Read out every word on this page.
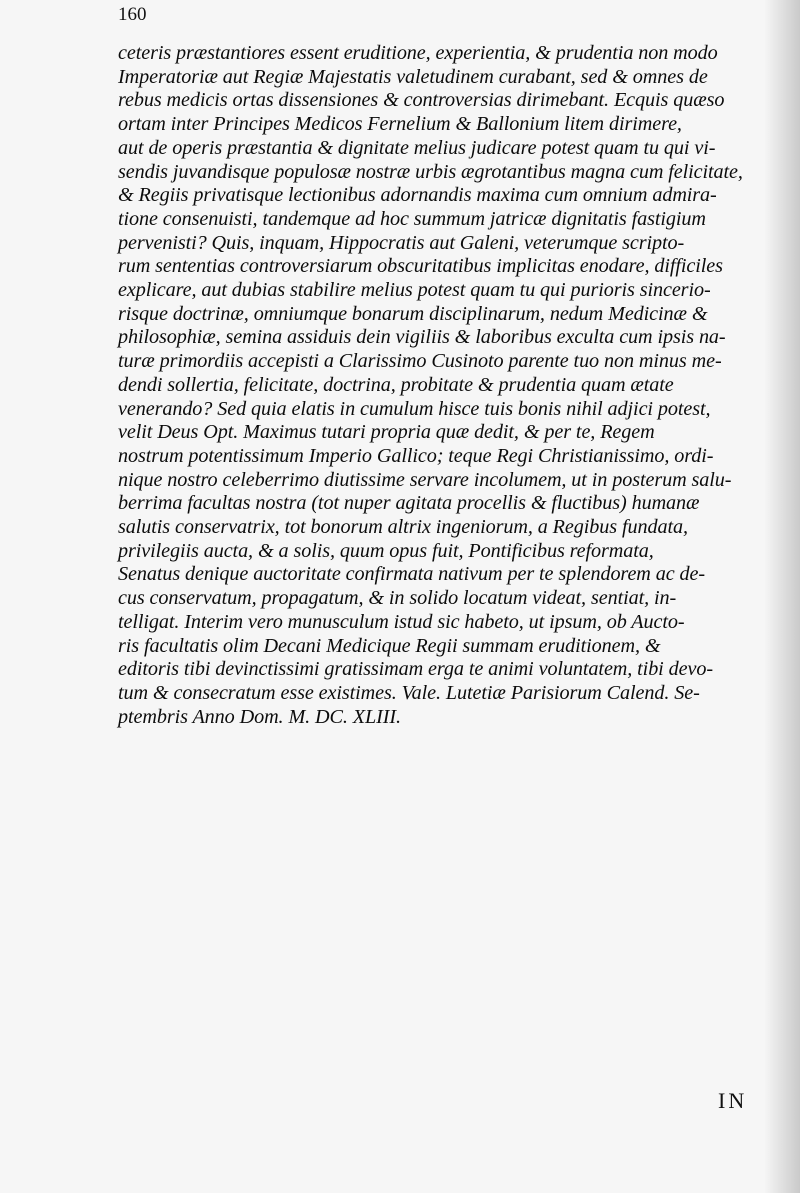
160
ceteris præstantiores essent eruditione, experientia, & prudentia non modo
Imperatoriæ aut Regiæ Majestatis valetudinem curabant, sed & omnes de
rebus medicis ortas dissensiones & controversias dirimebant. Ecquis quæso
ortam inter Principes Medicos Fernelium & Ballonium litem dirimere,
aut de operis præstantia & dignitate melius judicare potest quam tu qui vi-
sendis juvandisque populosæ nostræ urbis ægrotantibus magna cum felicitate,
& Regiis privatisque lectionibus adornandis maxima cum omnium admira-
tione consenuisti, tandemque ad hoc summum jatricæ dignitatis fastigium
pervenisti? Quis, inquam, Hippocratis aut Galeni, veterumque scripto-
rum sententias controversiarum obscuritatibus implicitas enodare, difficiles
explicare, aut dubias stabilire melius potest quam tu qui purioris sincerio-
risque doctrinæ, omniumque bonarum disciplinarum, nedum Medicinæ &
philosophiæ, semina assiduis dein vigiliis & laboribus exculta cum ipsis na-
turæ primordiis accepisti a Clarissimo Cusinoto parente tuo non minus me-
dendi sollertia, felicitate, doctrina, probitate & prudentia quam ætate
venerando? Sed quia elatis in cumulum hisce tuis bonis nihil adjici potest,
velit Deus Opt. Maximus tutari propria quæ dedit, & per te, Regem
nostrum potentissimum Imperio Gallico; teque Regi Christianissimo, ordi-
nique nostro celeberrimo diutissime servare incolumem, ut in posterum salu-
berrima facultas nostra (tot nuper agitata procellis & fluctibus) humanæ
salutis conservatrix, tot bonorum altrix ingeniorum, a Regibus fundata,
privilegiis aucta, & a solis, quum opus fuit, Pontificibus reformata,
Senatus denique auctoritate confirmata nativum per te splendorem ac de-
cus conservatum, propagatum, & in solido locatum videat, sentiat, in-
telligat. Interim vero munusculum istud sic habeto, ut ipsum, ob Aucto-
ris facultatis olim Decani Medicique Regii summam eruditionem, &
editoris tibi devinctissimi gratissimam erga te animi voluntatem, tibi devo-
tum & consecratum esse existimes. Vale. Lutetiæ Parisiorum Calend. Se-
ptembris Anno Dom. M. DC. XLIII.
IN
